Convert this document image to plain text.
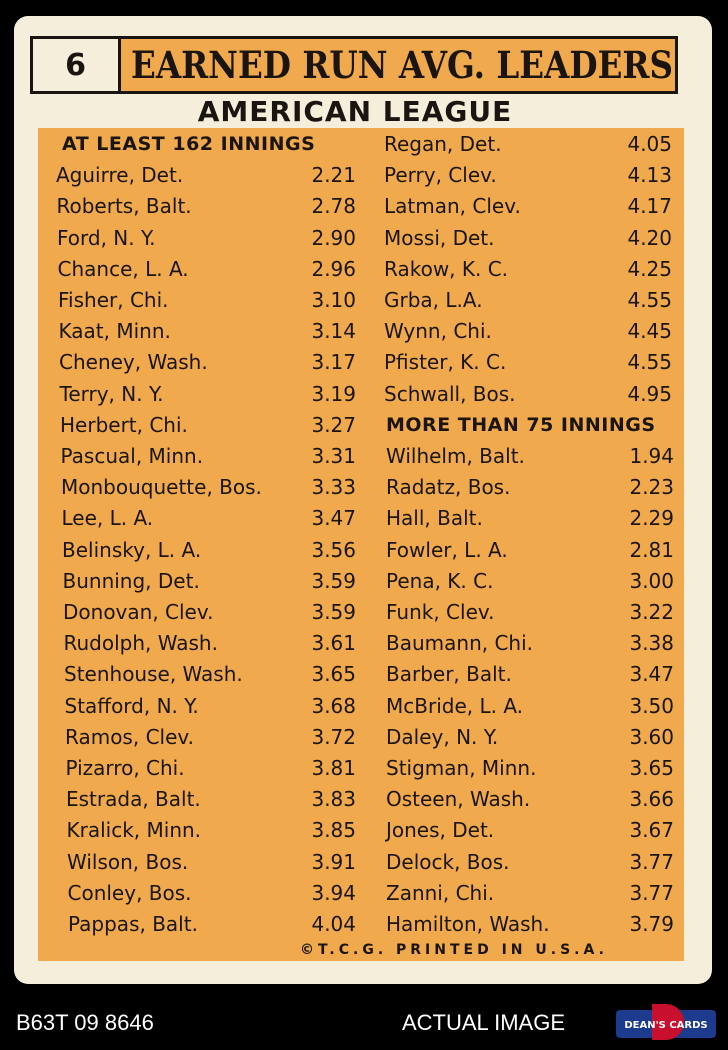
6	EARNED RUN AVG. LEADERS
AMERICAN LEAGUE
AT LEAST 162 INNINGS
Aguirre, Det.	2.21
Roberts, Balt.	2.78
Ford, N. Y.	2.90
Chance, L. A.	2.96
Fisher, Chi.	3.10
Kaat, Minn.	3.14
Cheney, Wash.	3.17
Terry, N. Y.	3.19
Herbert, Chi.	3.27
Pascual, Minn.	3.31
Monbouquette, Bos.	3.33
Lee, L. A.	3.47
Belinsky, L. A.	3.56
Bunning, Det.	3.59
Donovan, Clev.	3.59
Rudolph, Wash.	3.61
Stenhouse, Wash.	3.65
Stafford, N. Y.	3.68
Ramos, Clev.	3.72
Pizarro, Chi.	3.81
Estrada, Balt.	3.83
Kralick, Minn.	3.85
Wilson, Bos.	3.91
Conley, Bos.	3.94
Pappas, Balt.	4.04
Regan, Det.	4.05
Perry, Clev.	4.13
Latman, Clev.	4.17
Mossi, Det.	4.20
Rakow, K. C.	4.25
Grba, L.A.	4.55
Wynn, Chi.	4.45
Pfister, K. C.	4.55
Schwall, Bos.	4.95
MORE THAN 75 INNINGS
Wilhelm, Balt.	1.94
Radatz, Bos.	2.23
Hall, Balt.	2.29
Fowler, L. A.	2.81
Pena, K. C.	3.00
Funk, Clev.	3.22
Baumann, Chi.	3.38
Barber, Balt.	3.47
McBride, L. A.	3.50
Daley, N. Y.	3.60
Stigman, Minn.	3.65
Osteen, Wash.	3.66
Jones, Det.	3.67
Delock, Bos.	3.77
Zanni, Chi.	3.77
Hamilton, Wash.	3.79
©T.C.G. PRINTED IN U.S.A.
B63T 09 8646	ACTUAL IMAGE	DEAN'S CARDS
